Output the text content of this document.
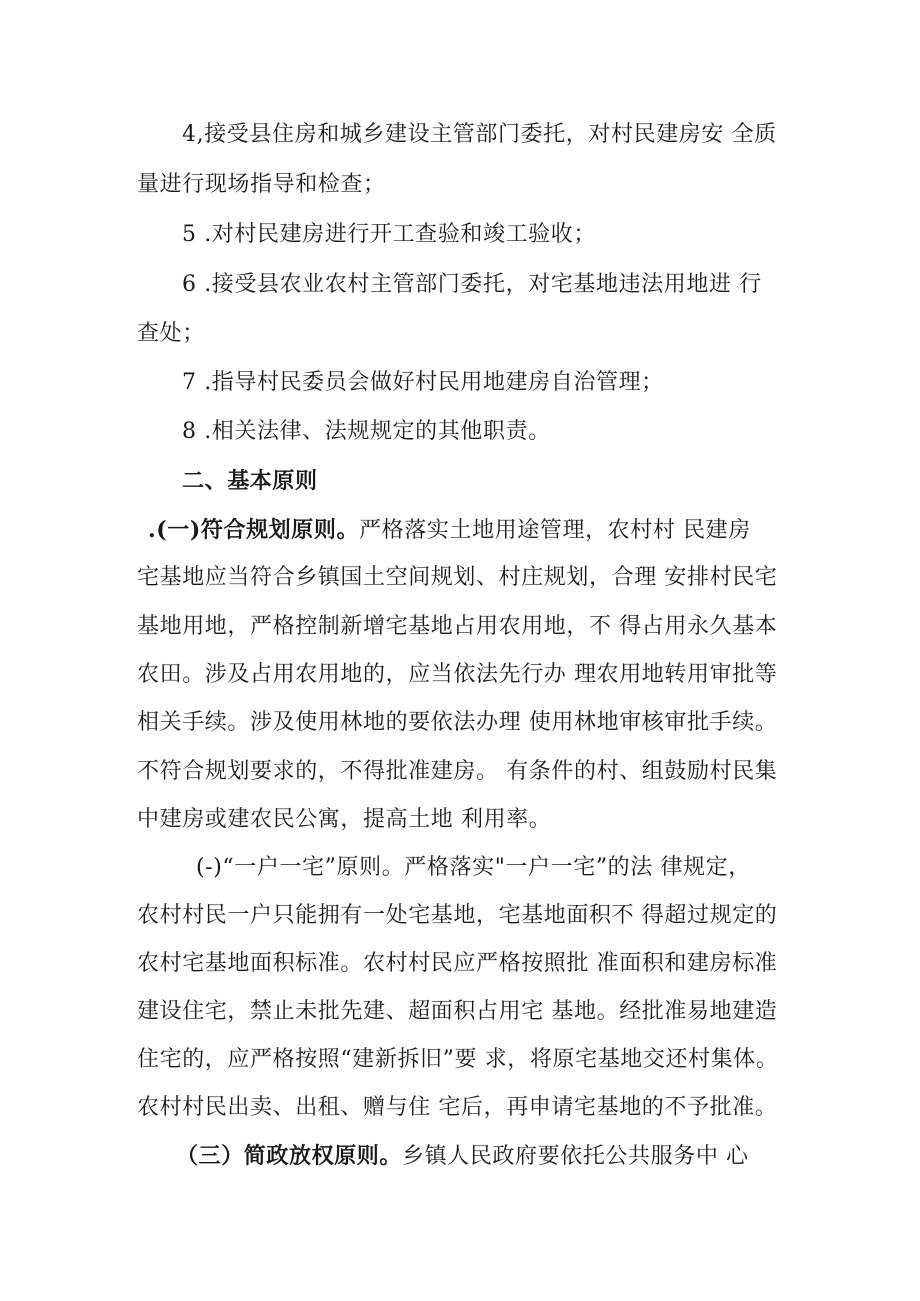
4,接受县住房和城乡建设主管部门委托，对村民建房安 全质
量进行现场指导和检查；
5 .对村民建房进行开工查验和竣工验收；
6 .接受县农业农村主管部门委托，对宅基地违法用地进 行
查处；
7 .指导村民委员会做好村民用地建房自治管理；
8 .相关法律、法规规定的其他职责。
二、基本原则
.(一)符合规划原则。严格落实土地用途管理，农村村 民建房
宅基地应当符合乡镇国土空间规划、村庄规划，合理 安排村民宅
基地用地，严格控制新增宅基地占用农用地，不 得占用永久基本
农田。涉及占用农用地的，应当依法先行办 理农用地转用审批等
相关手续。涉及使用林地的要依法办理 使用林地审核审批手续。
不符合规划要求的，不得批准建房。 有条件的村、组鼓励村民集
中建房或建农民公寓，提高土地 利用率。
(-)“一户一宅”原则。严格落实"一户一宅”的法 律规定，
农村村民一户只能拥有一处宅基地，宅基地面积不 得超过规定的
农村宅基地面积标准。农村村民应严格按照批 准面积和建房标准
建设住宅，禁止未批先建、超面积占用宅 基地。经批准易地建造
住宅的，应严格按照“建新拆旧”要 求，将原宅基地交还村集体。
农村村民出卖、出租、赠与住 宅后，再申请宅基地的不予批准。
（三）简政放权原则。乡镇人民政府要依托公共服务中 心
